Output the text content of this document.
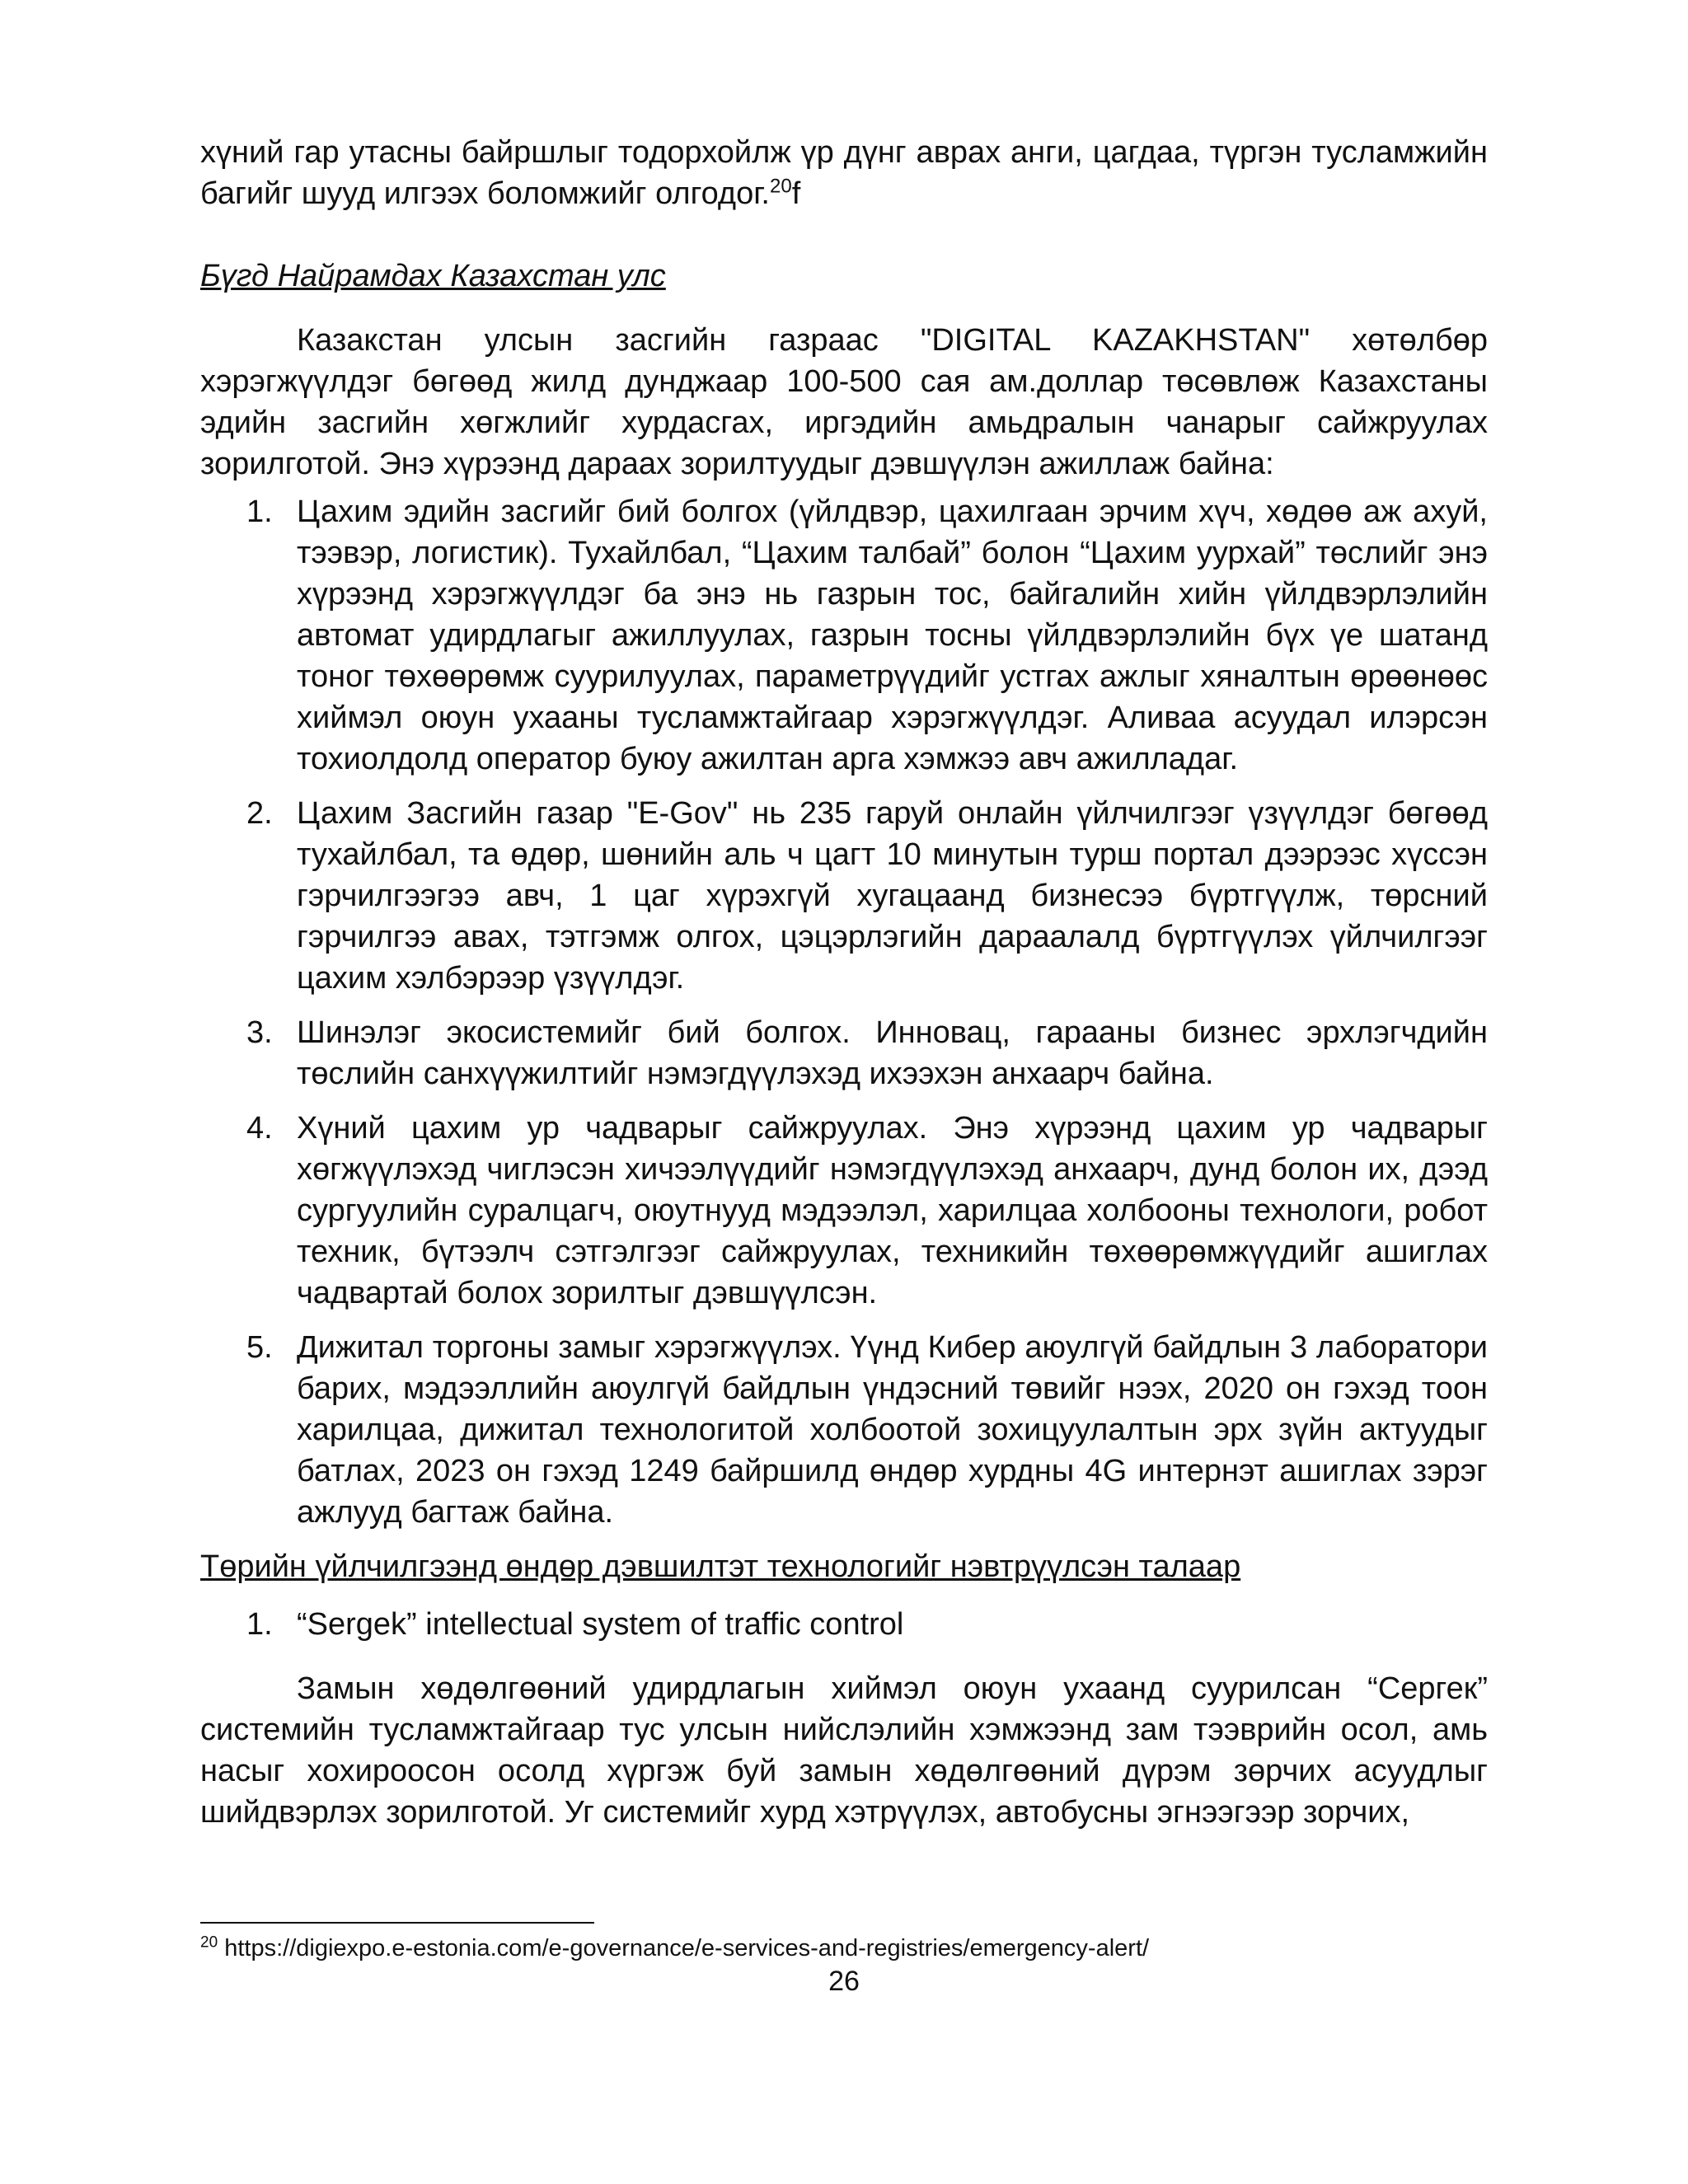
хүний гар утасны байршлыг тодорхойлж үр дүнг аврах анги, цагдаа, түргэн тусламжийн багийг шууд илгээх боломжийг олгодог.$^{20}$f

Бүгд Найрамдах Казахстан улс

Казакстан улсын засгийн газраас "DIGITAL KAZAKHSTAN" хөтөлбөр хэрэгжүүлдэг бөгөөд жилд дунджаар 100-500 сая ам.доллар төсөвлөж Казахстаны эдийн засгийн хөгжлийг хурдасгах, иргэдийн амьдралын чанарыг сайжруулах зорилготой. Энэ хүрээнд дараах зорилтуудыг дэвшүүлэн ажиллаж байна:

1. Цахим эдийн засгийг бий болгох (үйлдвэр, цахилгаан эрчим хүч, хөдөө аж ахуй, тээвэр, логистик). Тухайлбал, “Цахим талбай” болон “Цахим уурхай” төслийг энэ хүрээнд хэрэгжүүлдэг ба энэ нь газрын тос, байгалийн хийн үйлдвэрлэлийн автомат удирдлагыг ажиллуулах, газрын тосны үйлдвэрлэлийн бүх үе шатанд тоног төхөөрөмж суурилуулах, параметрүүдийг устгах ажлыг хяналтын өрөөнөөс хиймэл оюун ухааны тусламжтайгаар хэрэгжүүлдэг. Аливаа асуудал илэрсэн тохиолдолд оператор буюу ажилтан арга хэмжээ авч ажилладаг.
2. Цахим Засгийн газар "E-Gov" нь 235 гаруй онлайн үйлчилгээг үзүүлдэг бөгөөд тухайлбал, та өдөр, шөнийн аль ч цагт 10 минутын турш портал дээрээс хүссэн гэрчилгээгээ авч, 1 цаг хүрэхгүй хугацаанд бизнесээ бүртгүүлж, төрсний гэрчилгээ авах, тэтгэмж олгох, цэцэрлэгийн дараалалд бүртгүүлэх үйлчилгээг цахим хэлбэрээр үзүүлдэг.
3. Шинэлэг экосистемийг бий болгох. Инновац, гарааны бизнес эрхлэгчдийн төслийн санхүүжилтийг нэмэгдүүлэхэд ихээхэн анхаарч байна.
4. Хүний цахим ур чадварыг сайжруулах. Энэ хүрээнд цахим ур чадварыг хөгжүүлэхэд чиглэсэн хичээлүүдийг нэмэгдүүлэхэд анхаарч, дунд болон их, дээд сургуулийн суралцагч, оюутнууд мэдээлэл, харилцаа холбооны технологи, робот техник, бүтээлч сэтгэлгээг сайжруулах, техникийн төхөөрөмжүүдийг ашиглах чадвартай болох зорилтыг дэвшүүлсэн.
5. Дижитал торгоны замыг хэрэгжүүлэх. Үүнд Кибер аюулгүй байдлын 3 лаборатори барих, мэдээллийн аюулгүй байдлын үндэсний төвийг нээх, 2020 он гэхэд тоон харилцаа, дижитал технологитой холбоотой зохицуулалтын эрх зүйн актуудыг батлах, 2023 он гэхэд 1249 байршилд өндөр хурдны 4G интернэт ашиглах зэрэг ажлууд багтаж байна.

Төрийн үйлчилгээнд өндөр дэвшилтэт технологийг нэвтрүүлсэн талаар

1. “Sergek” intellectual system of traffic control

Замын хөдөлгөөний удирдлагын хиймэл оюун ухаанд суурилсан “Сергек” системийн тусламжтайгаар тус улсын нийслэлийн хэмжээнд зам тээврийн осол, амь насыг хохироосон осолд хүргэж буй замын хөдөлгөөний дүрэм зөрчих асуудлыг шийдвэрлэх зорилготой. Уг системийг хурд хэтрүүлэх, автобусны эгнээгээр зорчих,

$^{20}$ https://digiexpo.e-estonia.com/e-governance/e-services-and-registries/emergency-alert/
26
